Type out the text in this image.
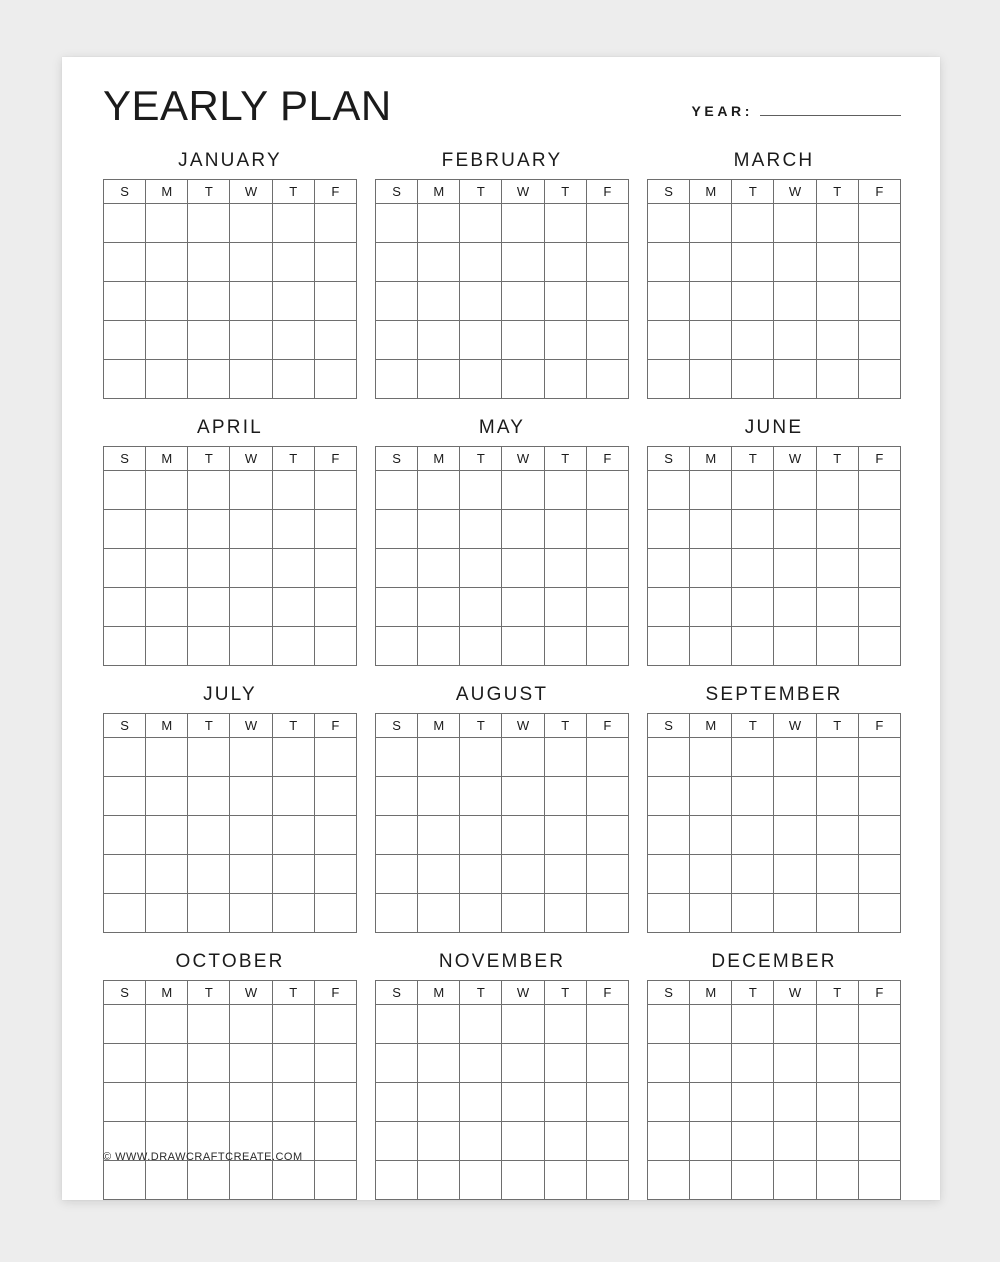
YEARLY PLAN	YEAR:
JANUARY
S	M	T	W	T	F

FEBRUARY
S	M	T	W	T	F

MARCH
S	M	T	W	T	F

APRIL
S	M	T	W	T	F

MAY
S	M	T	W	T	F

JUNE
S	M	T	W	T	F

JULY
S	M	T	W	T	F

AUGUST
S	M	T	W	T	F

SEPTEMBER
S	M	T	W	T	F

OCTOBER
S	M	T	W	T	F

NOVEMBER
S	M	T	W	T	F

DECEMBER
S	M	T	W	T	F

© WWW.DRAWCRAFTCREATE.COM
